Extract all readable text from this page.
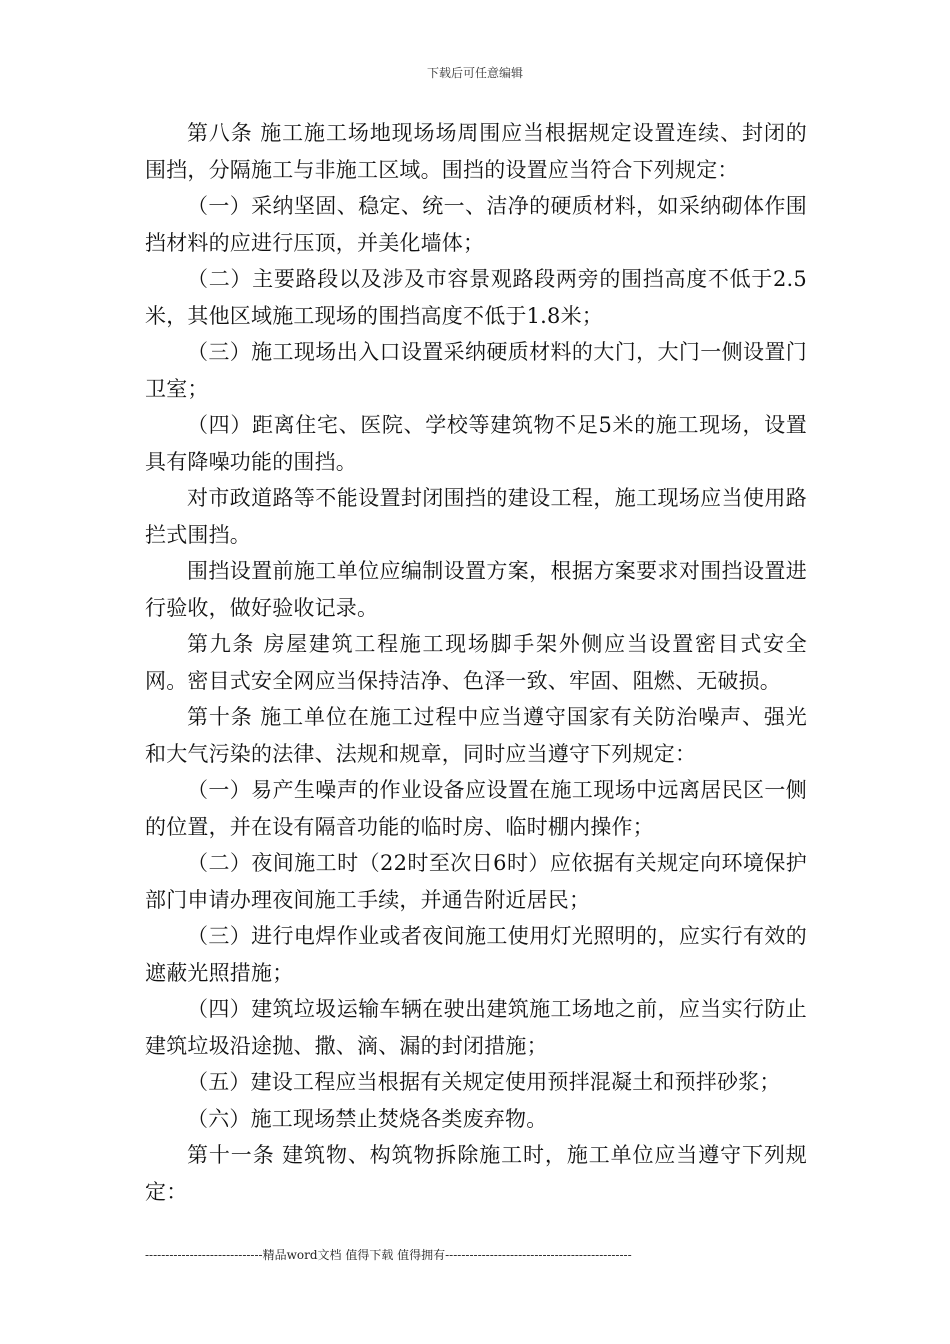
下载后可任意编辑

第八条 施工施工场地现场场周围应当根据规定设置连续、封闭的围挡，分隔施工与非施工区域。围挡的设置应当符合下列规定：

（一）采纳坚固、稳定、统一、洁净的硬质材料，如采纳砌体作围挡材料的应进行压顶，并美化墙体；

（二）主要路段以及涉及市容景观路段两旁的围挡高度不低于2.5米，其他区域施工现场的围挡高度不低于1.8米；

（三）施工现场出入口设置采纳硬质材料的大门，大门一侧设置门卫室；

（四）距离住宅、医院、学校等建筑物不足5米的施工现场，设置具有降噪功能的围挡。

对市政道路等不能设置封闭围挡的建设工程，施工现场应当使用路拦式围挡。

围挡设置前施工单位应编制设置方案，根据方案要求对围挡设置进行验收，做好验收记录。

第九条 房屋建筑工程施工现场脚手架外侧应当设置密目式安全网。密目式安全网应当保持洁净、色泽一致、牢固、阻燃、无破损。

第十条 施工单位在施工过程中应当遵守国家有关防治噪声、强光和大气污染的法律、法规和规章，同时应当遵守下列规定：

（一）易产生噪声的作业设备应设置在施工现场中远离居民区一侧的位置，并在设有隔音功能的临时房、临时棚内操作；

（二）夜间施工时（22时至次日6时）应依据有关规定向环境保护部门申请办理夜间施工手续，并通告附近居民；

（三）进行电焊作业或者夜间施工使用灯光照明的，应实行有效的遮蔽光照措施；

（四）建筑垃圾运输车辆在驶出建筑施工场地之前，应当实行防止建筑垃圾沿途抛、撒、滴、漏的封闭措施；

（五）建设工程应当根据有关规定使用预拌混凝土和预拌砂浆；

（六）施工现场禁止焚烧各类废弃物。

第十一条 建筑物、构筑物拆除施工时，施工单位应当遵守下列规定：

-----------------------------精品word文档 值得下载 值得拥有----------------------------------------------
